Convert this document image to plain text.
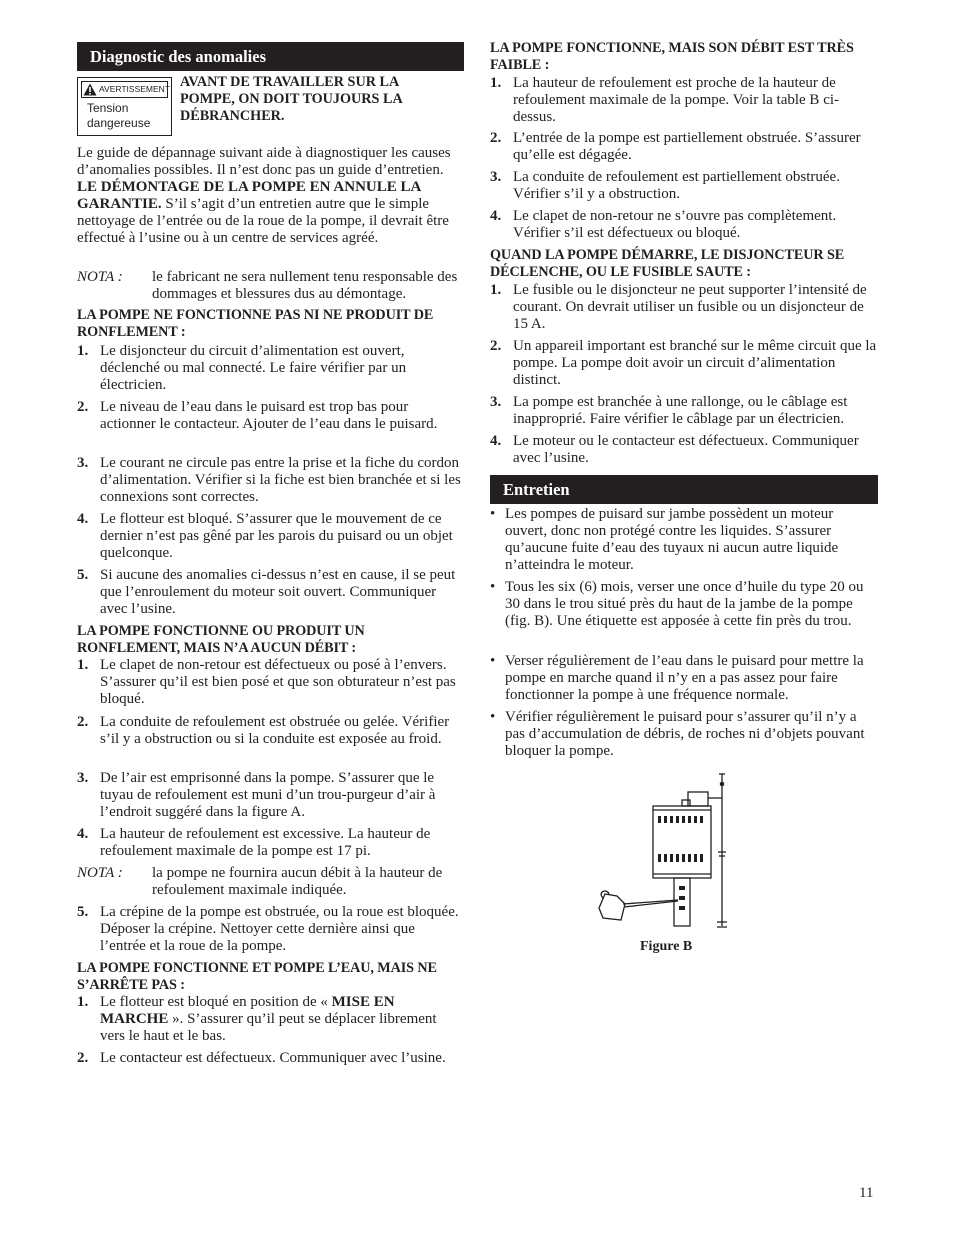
Diagnostic des anomalies
AVERTISSEMENT
Tension
dangereuse
AVANT DE TRAVAILLER SUR LA POMPE, ON DOIT TOUJOURS LA DÉBRANCHER.

Le guide de dépannage suivant aide à diagnostiquer les causes d’anomalies possibles. Il n’est donc pas un guide d’entretien. LE DÉMONTAGE DE LA POMPE EN ANNULE LA GARANTIE. S’il s’agit d’un entretien autre que le simple nettoyage de l’entrée ou de la roue de la pompe, il devrait être effectué à l’usine ou à un centre de services agréé.

NOTA : le fabricant ne sera nullement tenu responsable des dommages et blessures dus au démontage.

LA POMPE NE FONCTIONNE PAS NI NE PRODUIT DE RONFLEMENT :

1. Le disjoncteur du circuit d’alimentation est ouvert, déclenché ou mal connecté. Le faire vérifier par un électricien.
2. Le niveau de l’eau dans le puisard est trop bas pour actionner le contacteur. Ajouter de l’eau dans le puisard.
3. Le courant ne circule pas entre la prise et la fiche du cordon d’alimentation. Vérifier si la fiche est bien branchée et si les connexions sont correctes.
4. Le flotteur est bloqué. S’assurer que le mouvement de ce dernier n’est pas gêné par les parois du puisard ou un objet quelconque.
5. Si aucune des anomalies ci-dessus n’est en cause, il se peut que l’enroulement du moteur soit ouvert. Communiquer avec l’usine.

LA POMPE FONCTIONNE OU PRODUIT UN RONFLEMENT, MAIS N’A AUCUN DÉBIT :

1. Le clapet de non-retour est défectueux ou posé à l’envers. S’assurer qu’il est bien posé et que son obturateur n’est pas bloqué.
2. La conduite de refoulement est obstruée ou gelée. Vérifier s’il y a obstruction ou si la conduite est exposée au froid.
3. De l’air est emprisonné dans la pompe. S’assurer que le tuyau de refoulement est muni d’un trou-purgeur d’air à l’endroit suggéré dans la figure A.
4. La hauteur de refoulement est excessive. La hauteur de refoulement maximale de la pompe est 17 pi.
NOTA : la pompe ne fournira aucun débit à la hauteur de refoulement maximale indiquée.
5. La crépine de la pompe est obstruée, ou la roue est bloquée. Déposer la crépine. Nettoyer cette dernière ainsi que l’entrée et la roue de la pompe.

LA POMPE FONCTIONNE ET POMPE L’EAU, MAIS NE S’ARRÊTE PAS :

1. Le flotteur est bloqué en position de « MISE EN MARCHE ». S’assurer qu’il peut se déplacer librement vers le haut et le bas.
2. Le contacteur est défectueux. Communiquer avec l’usine.

LA POMPE FONCTIONNE, MAIS SON DÉBIT EST TRÈS FAIBLE :

1. La hauteur de refoulement est proche de la hauteur de refoulement maximale de la pompe. Voir la table B ci-dessus.
2. L’entrée de la pompe est partiellement obstruée. S’assurer qu’elle est dégagée.
3. La conduite de refoulement est partiellement obstruée. Vérifier s’il y a obstruction.
4. Le clapet de non-retour ne s’ouvre pas complètement. Vérifier s’il est défectueux ou bloqué.

QUAND LA POMPE DÉMARRE, LE DISJONCTEUR SE DÉCLENCHE, OU LE FUSIBLE SAUTE :

1. Le fusible ou le disjoncteur ne peut supporter l’intensité de courant. On devrait utiliser un fusible ou un disjoncteur de 15 A.
2. Un appareil important est branché sur le même circuit que la pompe. La pompe doit avoir un circuit d’alimentation distinct.
3. La pompe est branchée à une rallonge, ou le câblage est inapproprié. Faire vérifier le câblage par un électricien.
4. Le moteur ou le contacteur est défectueux. Communiquer avec l’usine.
Entretien
• Les pompes de puisard sur jambe possèdent un moteur ouvert, donc non protégé contre les liquides. S’assurer qu’aucune fuite d’eau des tuyaux ni aucun autre liquide n’atteindra le moteur.
• Tous les six (6) mois, verser une once d’huile du type 20 ou 30 dans le trou situé près du haut de la jambe de la pompe (fig. B). Une étiquette est apposée à cette fin près du trou.
• Verser régulièrement de l’eau dans le puisard pour mettre la pompe en marche quand il n’y en a pas assez pour faire fonctionner la pompe à une fréquence normale.
• Vérifier régulièrement le puisard pour s’assurer qu’il n’y a pas d’accumulation de débris, de roches ni d’objets pouvant bloquer la pompe.
Figure B
11
